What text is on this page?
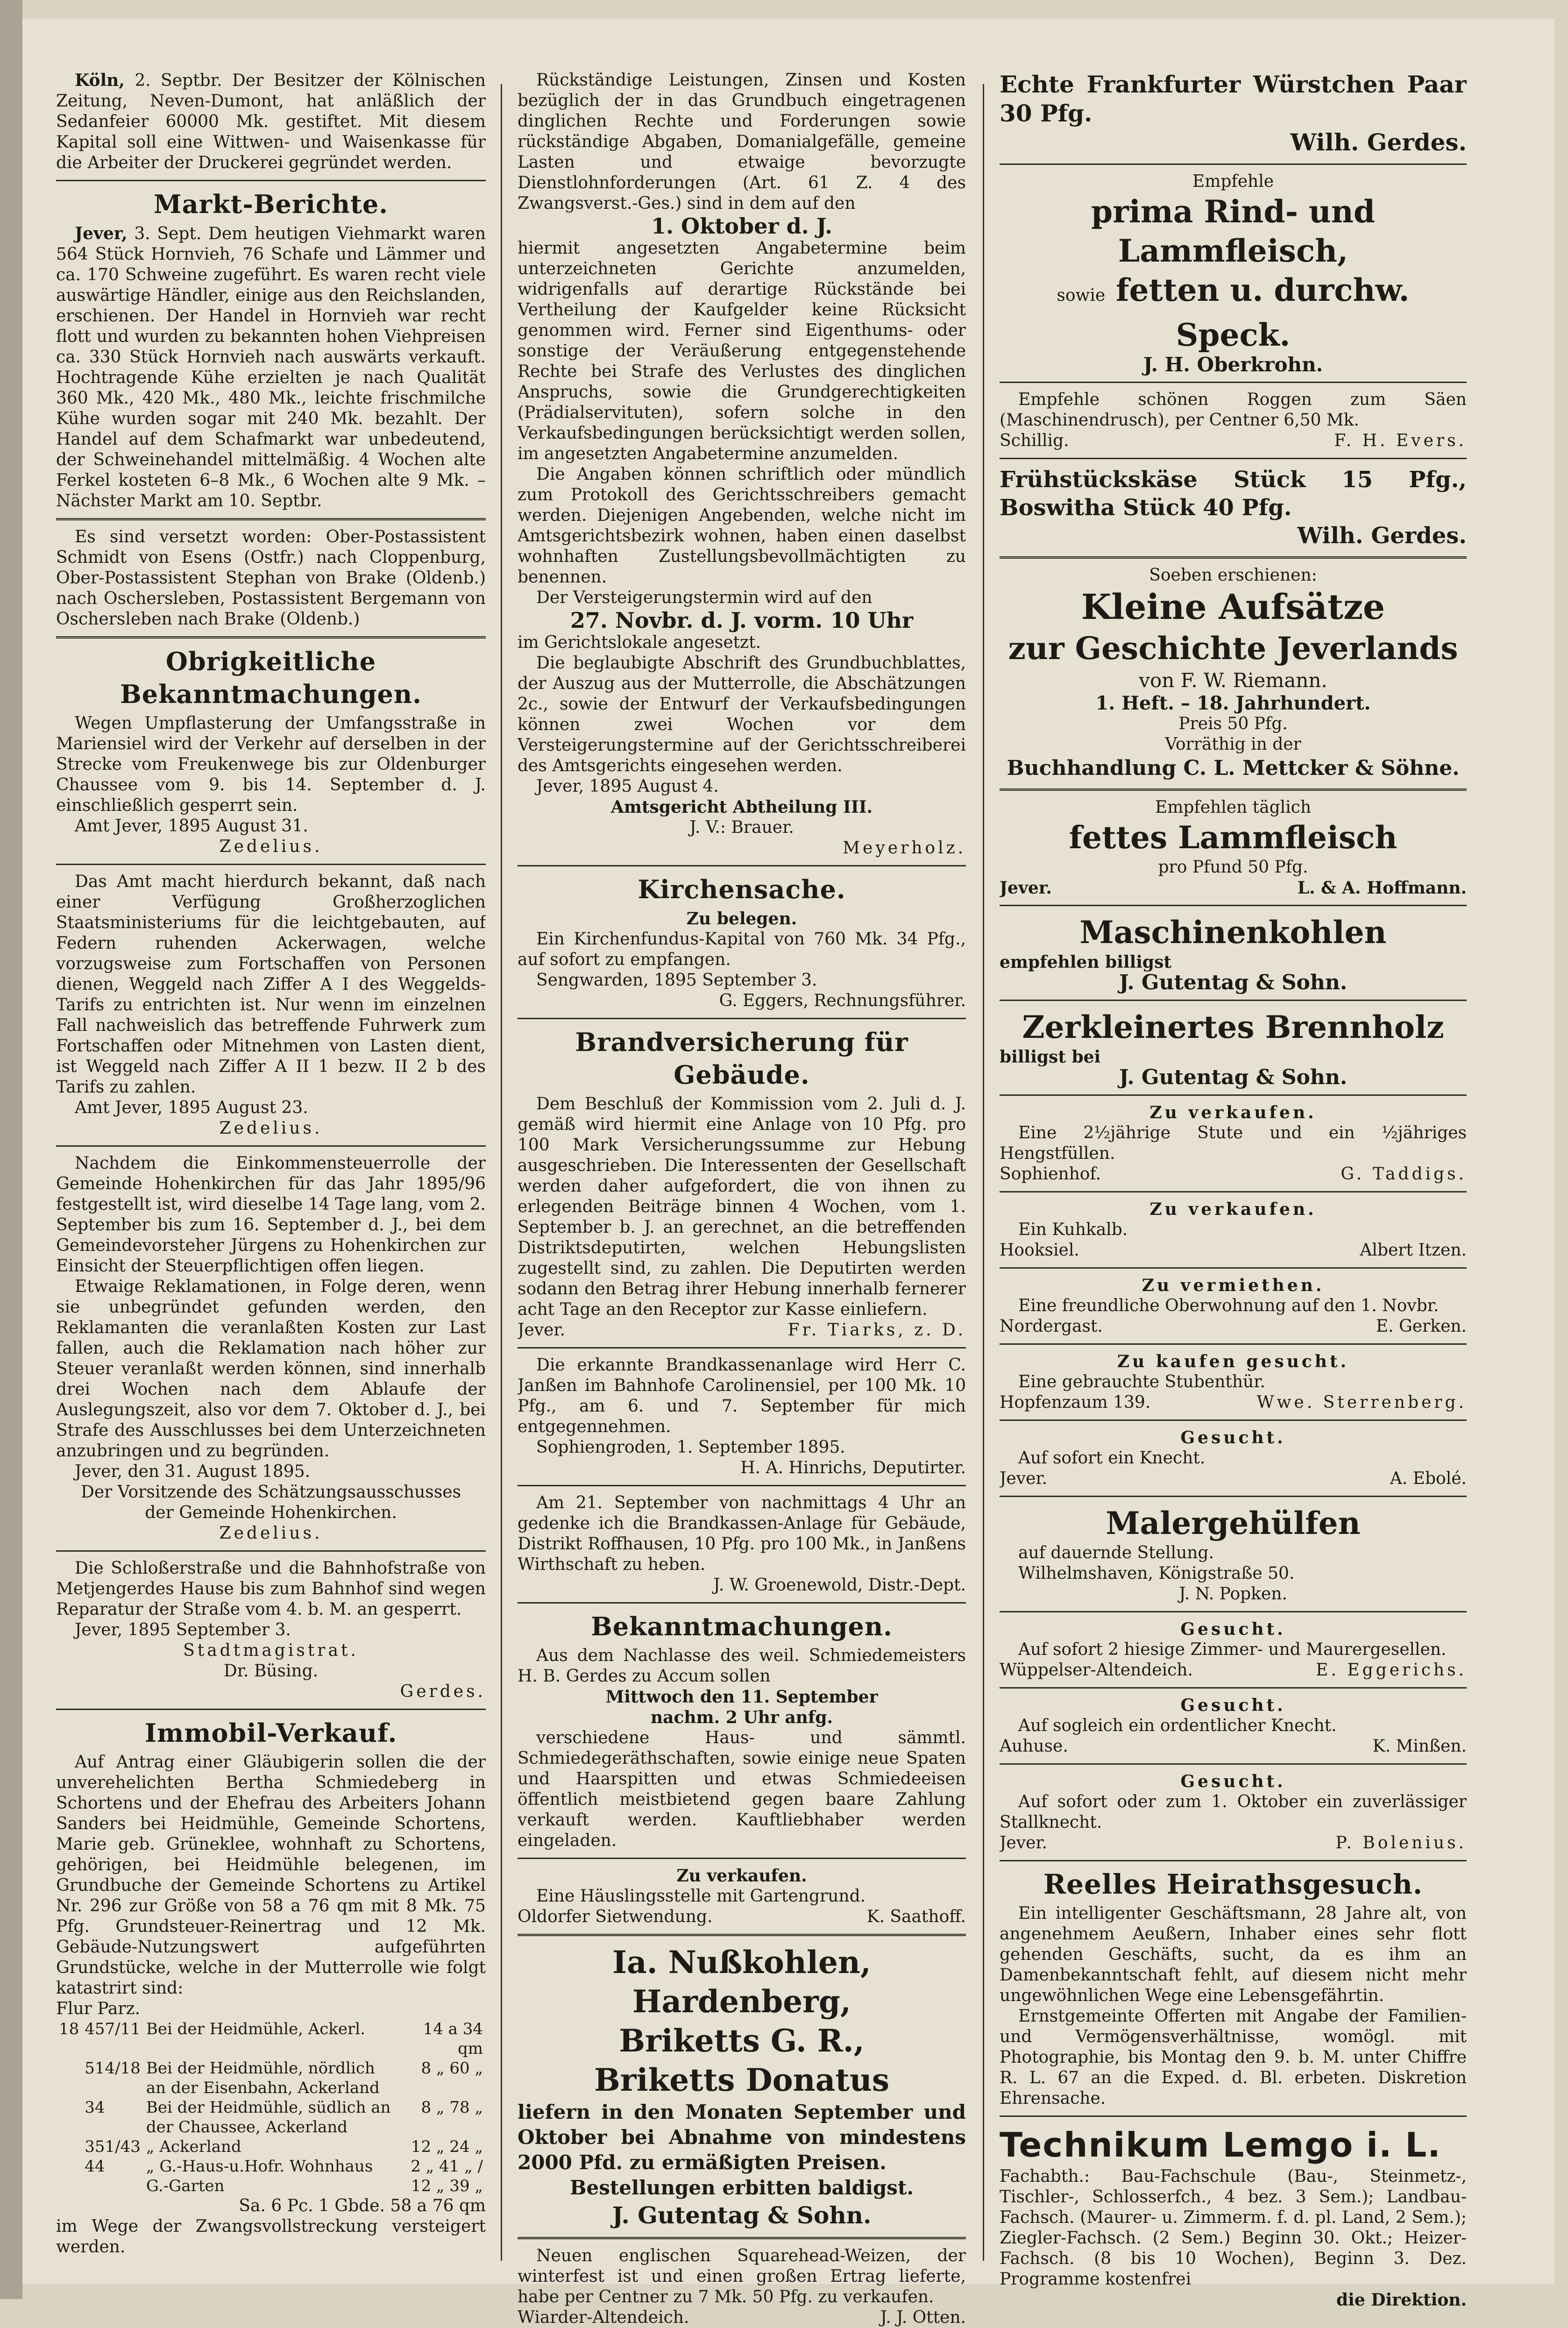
Köln, 2. Septbr. Der Besitzer der Kölnischen Zeitung, Neven-Dumont, hat anläßlich der Sedanfeier 60000 Mk. gestiftet. Mit diesem Kapital soll eine Wittwen- und Waisenkasse für die Arbeiter der Druckerei gegründet werden.

Markt-Berichte.

Jever, 3. Sept. Dem heutigen Viehmarkt waren 564 Stück Hornvieh, 76 Schafe und Lämmer und ca. 170 Schweine zugeführt. Es waren recht viele auswärtige Händler, einige aus den Reichslanden, erschienen. Der Handel in Hornvieh war recht flott und wurden zu bekannten hohen Viehpreisen ca. 330 Stück Hornvieh nach auswärts verkauft. Hochtragende Kühe erzielten je nach Qualität 360 Mk., 420 Mk., 480 Mk., leichte frischmilche Kühe wurden sogar mit 240 Mk. bezahlt. Der Handel auf dem Schafmarkt war unbedeutend, der Schweinehandel mittelmäßig. 4 Wochen alte Ferkel kosteten 6–8 Mk., 6 Wochen alte 9 Mk. – Nächster Markt am 10. Septbr.

Es sind versetzt worden: Ober-Postassistent Schmidt von Esens (Ostfr.) nach Cloppenburg, Ober-Postassistent Stephan von Brake (Oldenb.) nach Oschersleben, Postassistent Bergemann von Oschersleben nach Brake (Oldenb.)

Obrigkeitliche Bekanntmachungen.

Wegen Umpflasterung der Umfangsstraße in Mariensiel wird der Verkehr auf derselben in der Strecke vom Freukenwege bis zur Oldenburger Chaussee vom 9. bis 14. September d. J. einschließlich gesperrt sein.

Amt Jever, 1895 August 31.

Zedelius.

Das Amt macht hierdurch bekannt, daß nach einer Verfügung Großherzoglichen Staatsministeriums für die leichtgebauten, auf Federn ruhenden Ackerwagen, welche vorzugsweise zum Fortschaffen von Personen dienen, Weggeld nach Ziffer A I des Weggelds-Tarifs zu entrichten ist. Nur wenn im einzelnen Fall nachweislich das betreffende Fuhrwerk zum Fortschaffen oder Mitnehmen von Lasten dient, ist Weggeld nach Ziffer A II 1 bezw. II 2 b des Tarifs zu zahlen.

Amt Jever, 1895 August 23.

Zedelius.

Nachdem die Einkommensteuerrolle der Gemeinde Hohenkirchen für das Jahr 1895/96 festgestellt ist, wird dieselbe 14 Tage lang, vom 2. September bis zum 16. September d. J., bei dem Gemeindevorsteher Jürgens zu Hohenkirchen zur Einsicht der Steuerpflichtigen offen liegen.

Etwaige Reklamationen, in Folge deren, wenn sie unbegründet gefunden werden, den Reklamanten die veranlaßten Kosten zur Last fallen, auch die Reklamation nach höher zur Steuer veranlaßt werden können, sind innerhalb drei Wochen nach dem Ablaufe der Auslegungszeit, also vor dem 7. Oktober d. J., bei Strafe des Ausschlusses bei dem Unterzeichneten anzubringen und zu begründen.

Jever, den 31. August 1895.

Der Vorsitzende des Schätzungsausschusses

der Gemeinde Hohenkirchen.

Zedelius.

Die Schloßerstraße und die Bahnhofstraße von Metjengerdes Hause bis zum Bahnhof sind wegen Reparatur der Straße vom 4. b. M. an gesperrt.

Jever, 1895 September 3.

Stadtmagistrat.

Dr. Büsing.

Gerdes.

Immobil-Verkauf.

Auf Antrag einer Gläubigerin sollen die der unverehelichten Bertha Schmiedeberg in Schortens und der Ehefrau des Arbeiters Johann Sanders bei Heidmühle, Gemeinde Schortens, Marie geb. Grüneklee, wohnhaft zu Schortens, gehörigen, bei Heidmühle belegenen, im Grundbuche der Gemeinde Schortens zu Artikel Nr. 296 zur Größe von 58 a 76 qm mit 8 Mk. 75 Pfg. Grundsteuer-Reinertrag und 12 Mk. Gebäude-Nutzungswert aufgeführten Grundstücke, welche in der Mutterrolle wie folgt katastrirt sind:

Flur Parz.

18	457/11	Bei der Heidmühle, Ackerl.	14 a 34 qm
	514/18	Bei der Heidmühle, nördlich an der Eisenbahn, Ackerland	8 „ 60 „
	34	Bei der Heidmühle, südlich an der Chaussee, Ackerland	8 „ 78 „
	351/43	„ Ackerland	12 „ 24 „
	44	„ G.-Haus-u.Hofr. Wohnhaus G.-Garten	2 „ 41 „ / 12 „ 39 „

Sa. 6 Pc. 1 Gbde. 58 a 76 qm

im Wege der Zwangsvollstreckung versteigert werden.

Rückständige Leistungen, Zinsen und Kosten bezüglich der in das Grundbuch eingetragenen dinglichen Rechte und Forderungen sowie rückständige Abgaben, Domanialgefälle, gemeine Lasten und etwaige bevorzugte Dienstlohnforderungen (Art. 61 Z. 4 des Zwangsverst.-Ges.) sind in dem auf den

1. Oktober d. J.

hiermit angesetzten Angabetermine beim unterzeichneten Gerichte anzumelden, widrigenfalls auf derartige Rückstände bei Vertheilung der Kaufgelder keine Rücksicht genommen wird. Ferner sind Eigenthums- oder sonstige der Veräußerung entgegenstehende Rechte bei Strafe des Verlustes des dinglichen Anspruchs, sowie die Grundgerechtigkeiten (Prädialservituten), sofern solche in den Verkaufsbedingungen berücksichtigt werden sollen, im angesetzten Angabetermine anzumelden.

Die Angaben können schriftlich oder mündlich zum Protokoll des Gerichtsschreibers gemacht werden. Diejenigen Angebenden, welche nicht im Amtsgerichtsbezirk wohnen, haben einen daselbst wohnhaften Zustellungsbevollmächtigten zu benennen.

Der Versteigerungstermin wird auf den

27. Novbr. d. J. vorm. 10 Uhr

im Gerichtslokale angesetzt.

Die beglaubigte Abschrift des Grundbuchblattes, der Auszug aus der Mutterrolle, die Abschätzungen 2c., sowie der Entwurf der Verkaufsbedingungen können zwei Wochen vor dem Versteigerungstermine auf der Gerichtsschreiberei des Amtsgerichts eingesehen werden.

Jever, 1895 August 4.

Amtsgericht Abtheilung III.

J. V.: Brauer.

Meyerholz.

Kirchensache.

Zu belegen.

Ein Kirchenfundus-Kapital von 760 Mk. 34 Pfg., auf sofort zu empfangen.

Sengwarden, 1895 September 3.

G. Eggers, Rechnungsführer.

Brandversicherung für Gebäude.

Dem Beschluß der Kommission vom 2. Juli d. J. gemäß wird hiermit eine Anlage von 10 Pfg. pro 100 Mark Versicherungssumme zur Hebung ausgeschrieben. Die Interessenten der Gesellschaft werden daher aufgefordert, die von ihnen zu erlegenden Beiträge binnen 4 Wochen, vom 1. September b. J. an gerechnet, an die betreffenden Distriktsdeputirten, welchen Hebungslisten zugestellt sind, zu zahlen. Die Deputirten werden sodann den Betrag ihrer Hebung innerhalb fernerer acht Tage an den Receptor zur Kasse einliefern.

Jever.	Fr. Tiarks, z. D.

Die erkannte Brandkassenanlage wird Herr C. Janßen im Bahnhofe Carolinensiel, per 100 Mk. 10 Pfg., am 6. und 7. September für mich entgegennehmen.

Sophiengroden, 1. September 1895.

H. A. Hinrichs, Deputirter.

Am 21. September von nachmittags 4 Uhr an gedenke ich die Brandkassen-Anlage für Gebäude, Distrikt Roffhausen, 10 Pfg. pro 100 Mk., in Janßens Wirthschaft zu heben.

J. W. Groenewold, Distr.-Dept.

Bekanntmachungen.

Aus dem Nachlasse des weil. Schmiedemeisters H. B. Gerdes zu Accum sollen

Mittwoch den 11. September

nachm. 2 Uhr anfg.

verschiedene Haus- und sämmtl. Schmiedegeräthschaften, sowie einige neue Spaten und Haarspitten und etwas Schmiedeeisen öffentlich meistbietend gegen baare Zahlung verkauft werden. Kauftliebhaber werden eingeladen.

Zu verkaufen.

Eine Häuslingsstelle mit Gartengrund.

Oldorfer Sietwendung.	K. Saathoff.
Ia. Nußkohlen, Hardenberg,
Briketts G. R.,
Briketts Donatus

liefern in den Monaten September und Oktober bei Abnahme von mindestens 2000 Pfd. zu ermäßigten Preisen.

Bestellungen erbitten baldigst.

J. Gutentag & Sohn.

Neuen englischen Squarehead-Weizen, der winterfest ist und einen großen Ertrag lieferte, habe per Centner zu 7 Mk. 50 Pfg. zu verkaufen.

Wiarder-Altendeich.	J. J. Otten.

Echte Frankfurter Würstchen Paar 30 Pfg.

Wilh. Gerdes.

Empfehle

prima Rind- und Lammfleisch,
sowie fetten u. durchw. Speck.

J. H. Oberkrohn.

Empfehle schönen Roggen zum Säen (Maschinendrusch), per Centner 6,50 Mk.

Schillig.	F. H. Evers.

Frühstückskäse Stück 15 Pfg., Boswitha Stück 40 Pfg.

Wilh. Gerdes.

Soeben erschienen:

Kleine Aufsätze
zur Geschichte Jeverlands

von F. W. Riemann.

1. Heft. – 18. Jahrhundert.

Preis 50 Pfg.

Vorräthig in der

Buchhandlung C. L. Mettcker & Söhne.

Empfehlen täglich

fettes Lammfleisch

pro Pfund 50 Pfg.

Jever.	L. & A. Hoffmann.
Maschinenkohlen

empfehlen billigst

J. Gutentag & Sohn.

Zerkleinertes Brennholz

billigst bei

J. Gutentag & Sohn.

Zu verkaufen.

Eine 2½jährige Stute und ein ½jähriges Hengstfüllen.

Sophienhof.	G. Taddigs.

Zu verkaufen.

Ein Kuhkalb.

Hooksiel.	Albert Itzen.

Zu vermiethen.

Eine freundliche Oberwohnung auf den 1. Novbr.

Nordergast.	E. Gerken.

Zu kaufen gesucht.

Eine gebrauchte Stubenthür.

Hopfenzaum 139.	Wwe. Sterrenberg.

Gesucht.

Auf sofort ein Knecht.

Jever.	A. Ebolé.
Malergehülfen

auf dauernde Stellung.

Wilhelmshaven, Königstraße 50.

J. N. Popken.

Gesucht.

Auf sofort 2 hiesige Zimmer- und Maurergesellen.

Wüppelser-Altendeich.	E. Eggerichs.

Gesucht.

Auf sogleich ein ordentlicher Knecht.

Auhuse.	K. Minßen.

Gesucht.

Auf sofort oder zum 1. Oktober ein zuverlässiger Stallknecht.

Jever.	P. Bolenius.
Reelles Heirathsgesuch.

Ein intelligenter Geschäftsmann, 28 Jahre alt, von angenehmem Aeußern, Inhaber eines sehr flott gehenden Geschäfts, sucht, da es ihm an Damenbekanntschaft fehlt, auf diesem nicht mehr ungewöhnlichen Wege eine Lebensgefährtin.

Ernstgemeinte Offerten mit Angabe der Familien- und Vermögensverhältnisse, womögl. mit Photographie, bis Montag den 9. b. M. unter Chiffre R. L. 67 an die Exped. d. Bl. erbeten. Diskretion Ehrensache.

Technikum Lemgo i. L.

Fachabth.: Bau-Fachschule (Bau-, Steinmetz-, Tischler-, Schlosserfch., 4 bez. 3 Sem.); Landbau-Fachsch. (Maurer- u. Zimmerm. f. d. pl. Land, 2 Sem.); Ziegler-Fachsch. (2 Sem.) Beginn 30. Okt.; Heizer-Fachsch. (8 bis 10 Wochen), Beginn 3. Dez. Programme kostenfrei

die Direktion.
